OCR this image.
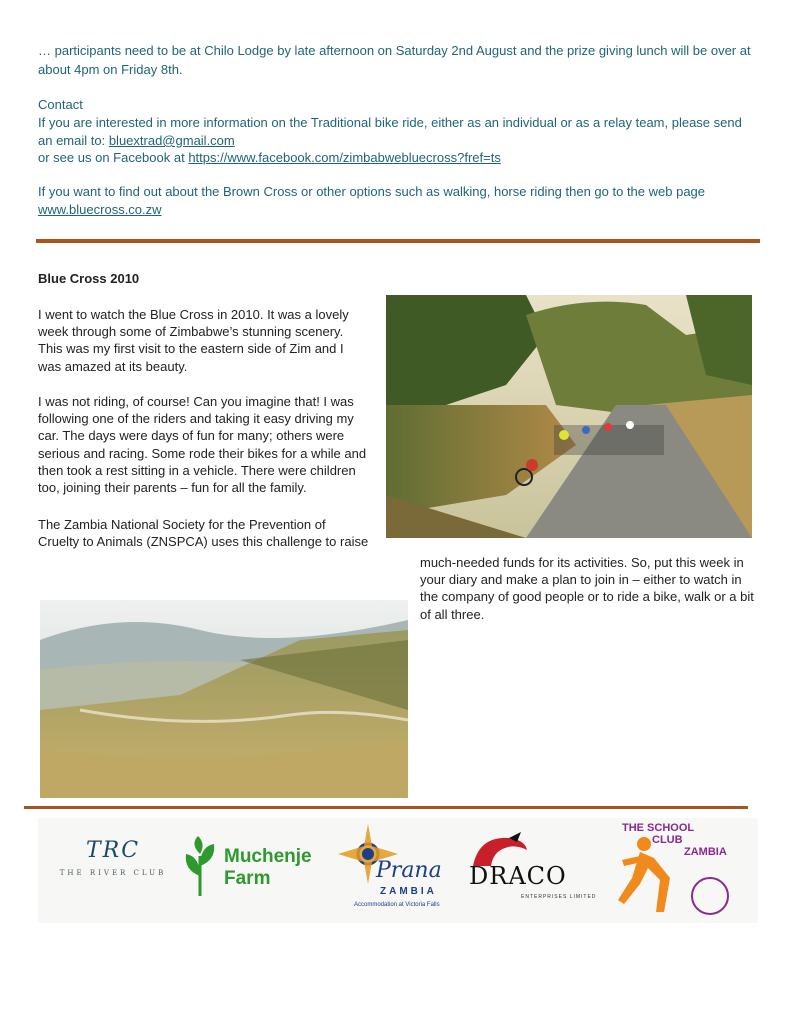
… participants need to be at Chilo Lodge by late afternoon on Saturday 2nd August and the prize giving lunch will be over at

about 4pm on Friday 8th.

Contact

If you are interested in more information on the Traditional bike ride, either as an individual or as a relay team, please send

an email to: bluextrad@gmail.com

or see us on Facebook at https://www.facebook.com/zimbabwebluecross?fref=ts

If you want to find out about the Brown Cross or other options such as walking, horse riding then go to the web page

www.bluecross.co.zw

Blue Cross 2010
I went to watch the Blue Cross in 2010. It was a lovely
week through some of Zimbabwe’s stunning scenery.
This was my first visit to the eastern side of Zim and I
was amazed at its beauty.
I was not riding, of course! Can you imagine that! I was
following one of the riders and taking it easy driving my
car. The days were days of fun for many; others were
serious and racing. Some rode their bikes for a while and
then took a rest sitting in a vehicle. There were children
too, joining their parents – fun for all the family.
The Zambia National Society for the Prevention of
Cruelty to Animals (ZNSPCA) uses this challenge to raise
much-needed funds for its activities. So, put this week in
your diary and make a plan to join in – either to watch in
the company of good people or to ride a bike, walk or a bit
of all three.
TRC
THE RIVER CLUB
Muchenje
Farm	Prana
ZAMBIA
Accommodation at Victoria Falls
DRACO
ENTERPRISES LIMITED
THE SCHOOL
CLUB
ZAMBIA
